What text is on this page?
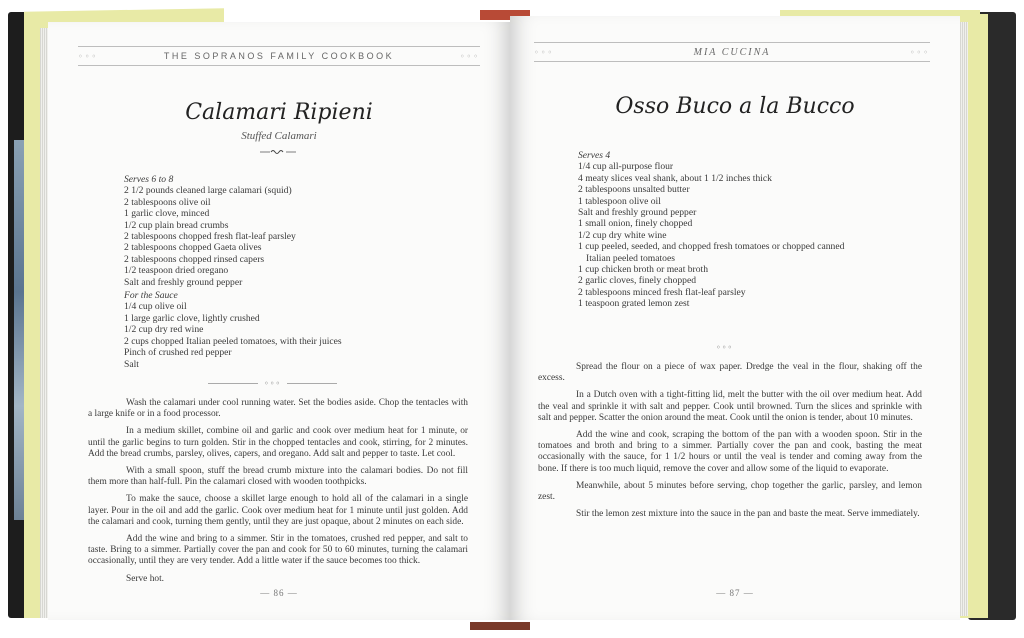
◦◦◦	THE SOPRANOS FAMILY COOKBOOK	◦◦◦
Calamari Ripieni
Stuffed Calamari
Serves 6 to 8
2 1/2 pounds cleaned large calamari (squid)
2 tablespoons olive oil
1 garlic clove, minced
1/2 cup plain bread crumbs
2 tablespoons chopped fresh flat-leaf parsley
2 tablespoons chopped Gaeta olives
2 tablespoons chopped rinsed capers
1/2 teaspoon dried oregano
Salt and freshly ground pepper
For the Sauce
1/4 cup olive oil
1 large garlic clove, lightly crushed
1/2 cup dry red wine
2 cups chopped Italian peeled tomatoes, with their juices
Pinch of crushed red pepper
Salt
◦◦◦

Wash the calamari under cool running water. Set the bodies aside. Chop the tentacles with a large knife or in a food processor.

In a medium skillet, combine oil and garlic and cook over medium heat for 1 minute, or until the garlic begins to turn golden. Stir in the chopped tentacles and cook, stirring, for 2 minutes. Add the bread crumbs, parsley, olives, capers, and oregano. Add salt and pepper to taste. Let cool.

With a small spoon, stuff the bread crumb mixture into the calamari bodies. Do not fill them more than half-full. Pin the calamari closed with wooden toothpicks.

To make the sauce, choose a skillet large enough to hold all of the calamari in a single layer. Pour in the oil and add the garlic. Cook over medium heat for 1 minute until just golden. Add the calamari and cook, turning them gently, until they are just opaque, about 2 minutes on each side.

Add the wine and bring to a simmer. Stir in the tomatoes, crushed red pepper, and salt to taste. Bring to a simmer. Partially cover the pan and cook for 50 to 60 minutes, turning the calamari occasionally, until they are very tender. Add a little water if the sauce becomes too thick.

Serve hot.

— 86 —
◦◦◦	MIA CUCINA	◦◦◦
Osso Buco a la Bucco
Serves 4
1/4 cup all-purpose flour
4 meaty slices veal shank, about 1 1/2 inches thick
2 tablespoons unsalted butter
1 tablespoon olive oil
Salt and freshly ground pepper
1 small onion, finely chopped
1/2 cup dry white wine
1 cup peeled, seeded, and chopped fresh tomatoes or chopped canned
Italian peeled tomatoes
1 cup chicken broth or meat broth
2 garlic cloves, finely chopped
2 tablespoons minced fresh flat-leaf parsley
1 teaspoon grated lemon zest
◦◦◦

Spread the flour on a piece of wax paper. Dredge the veal in the flour, shaking off the excess.

In a Dutch oven with a tight-fitting lid, melt the butter with the oil over medium heat. Add the veal and sprinkle it with salt and pepper. Cook until browned. Turn the slices and sprinkle with salt and pepper. Scatter the onion around the meat. Cook until the onion is tender, about 10 minutes.

Add the wine and cook, scraping the bottom of the pan with a wooden spoon. Stir in the tomatoes and broth and bring to a simmer. Partially cover the pan and cook, basting the meat occasionally with the sauce, for 1 1/2 hours or until the veal is tender and coming away from the bone. If there is too much liquid, remove the cover and allow some of the liquid to evaporate.

Meanwhile, about 5 minutes before serving, chop together the garlic, parsley, and lemon zest.

Stir the lemon zest mixture into the sauce in the pan and baste the meat. Serve immediately.

— 87 —
